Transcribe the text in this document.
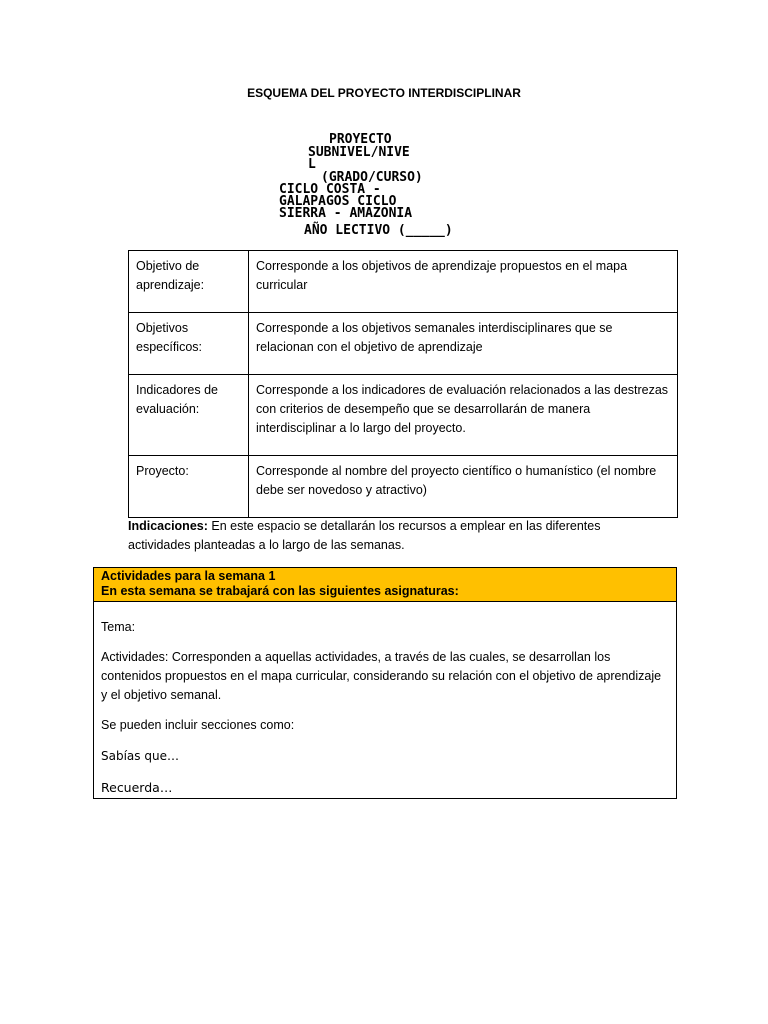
ESQUEMA DEL PROYECTO INTERDISCIPLINAR
PROYECTO
SUBNIVEL/NIVE
L
(GRADO/CURSO)
CICLO COSTA -
GALAPAGOS CICLO
SIERRA - AMAZONIA
AÑO LECTIVO (_____)
Objetivo de aprendizaje:	Corresponde a los objetivos de aprendizaje propuestos en el mapa curricular
Objetivos específicos:	Corresponde a los objetivos semanales interdisciplinares que se relacionan con el objetivo de aprendizaje
Indicadores de evaluación:	Corresponde a los indicadores de evaluación relacionados a las destrezas con criterios de desempeño que se desarrollarán de manera interdisciplinar a lo largo del proyecto.
Proyecto:	Corresponde al nombre del proyecto científico o humanístico (el nombre debe ser novedoso y atractivo)
Indicaciones: En este espacio se detallarán los recursos a emplear en las diferentes actividades planteadas a lo largo de las semanas.
Actividades para la semana 1
En esta semana se trabajará con las siguientes asignaturas:

Tema:

Actividades: Corresponden a aquellas actividades, a través de las cuales, se desarrollan los contenidos propuestos en el mapa curricular, considerando su relación con el objetivo de aprendizaje y el objetivo semanal.

Se pueden incluir secciones como:

Sabías que…

Recuerda…
